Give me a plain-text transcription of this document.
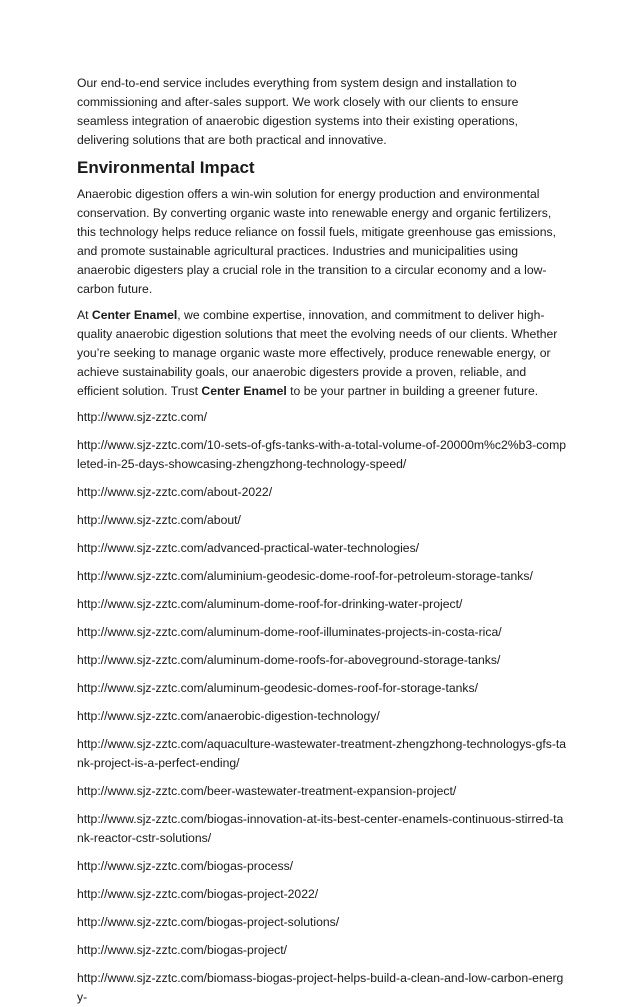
Our end-to-end service includes everything from system design and installation to commissioning and after-sales support. We work closely with our clients to ensure seamless integration of anaerobic digestion systems into their existing operations, delivering solutions that are both practical and innovative.

Environmental Impact

Anaerobic digestion offers a win-win solution for energy production and environmental conservation. By converting organic waste into renewable energy and organic fertilizers, this technology helps reduce reliance on fossil fuels, mitigate greenhouse gas emissions, and promote sustainable agricultural practices. Industries and municipalities using anaerobic digesters play a crucial role in the transition to a circular economy and a low-carbon future.

At Center Enamel, we combine expertise, innovation, and commitment to deliver high-quality anaerobic digestion solutions that meet the evolving needs of our clients. Whether you’re seeking to manage organic waste more effectively, produce renewable energy, or achieve sustainability goals, our anaerobic digesters provide a proven, reliable, and efficient solution. Trust Center Enamel to be your partner in building a greener future.

http://www.sjz-zztc.com/
http://www.sjz-zztc.com/10-sets-of-gfs-tanks-with-a-total-volume-of-20000m%c2%b3-completed-in-25-days-showcasing-zhengzhong-technology-speed/
http://www.sjz-zztc.com/about-2022/
http://www.sjz-zztc.com/about/
http://www.sjz-zztc.com/advanced-practical-water-technologies/
http://www.sjz-zztc.com/aluminium-geodesic-dome-roof-for-petroleum-storage-tanks/
http://www.sjz-zztc.com/aluminum-dome-roof-for-drinking-water-project/
http://www.sjz-zztc.com/aluminum-dome-roof-illuminates-projects-in-costa-rica/
http://www.sjz-zztc.com/aluminum-dome-roofs-for-aboveground-storage-tanks/
http://www.sjz-zztc.com/aluminum-geodesic-domes-roof-for-storage-tanks/
http://www.sjz-zztc.com/anaerobic-digestion-technology/
http://www.sjz-zztc.com/aquaculture-wastewater-treatment-zhengzhong-technologys-gfs-tank-project-is-a-perfect-ending/
http://www.sjz-zztc.com/beer-wastewater-treatment-expansion-project/
http://www.sjz-zztc.com/biogas-innovation-at-its-best-center-enamels-continuous-stirred-tank-reactor-cstr-solutions/
http://www.sjz-zztc.com/biogas-process/
http://www.sjz-zztc.com/biogas-project-2022/
http://www.sjz-zztc.com/biogas-project-solutions/
http://www.sjz-zztc.com/biogas-project/
http://www.sjz-zztc.com/biomass-biogas-project-helps-build-a-clean-and-low-carbon-energy-
